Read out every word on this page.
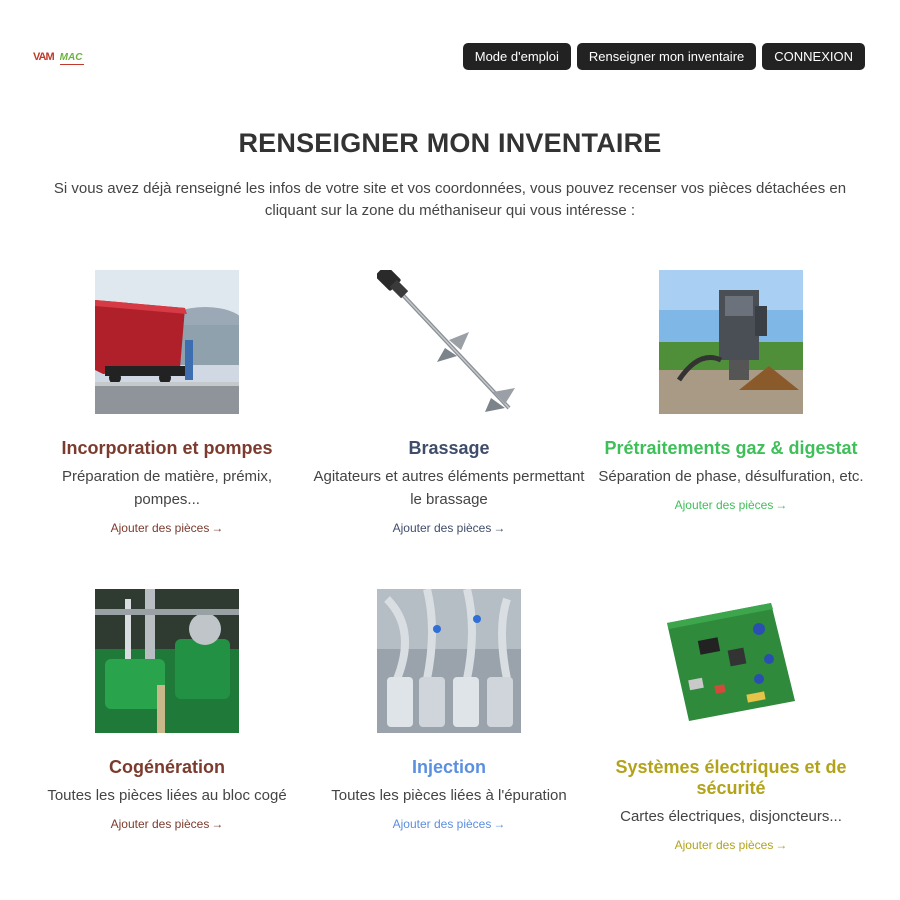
VAM MAC	Mode d'emploi	Renseigner mon inventaire	CONNEXION
RENSEIGNER MON INVENTAIRE

Si vous avez déjà renseigné les infos de votre site et vos coordonnées, vous pouvez recenser vos pièces détachées en cliquant sur la zone du méthaniseur qui vous intéresse :

Incorporation et pompes
Préparation de matière, prémix, pompes...
Ajouter des pièces →
Brassage
Agitateurs et autres éléments permettant le brassage
Ajouter des pièces →
Prétraitements gaz & digestat
Séparation de phase, désulfuration, etc.
Ajouter des pièces →
Cogénération
Toutes les pièces liées au bloc cogé
Ajouter des pièces →
Injection
Toutes les pièces liées à l'épuration
Ajouter des pièces →
Systèmes électriques et de sécurité
Cartes électriques, disjoncteurs...
Ajouter des pièces →
